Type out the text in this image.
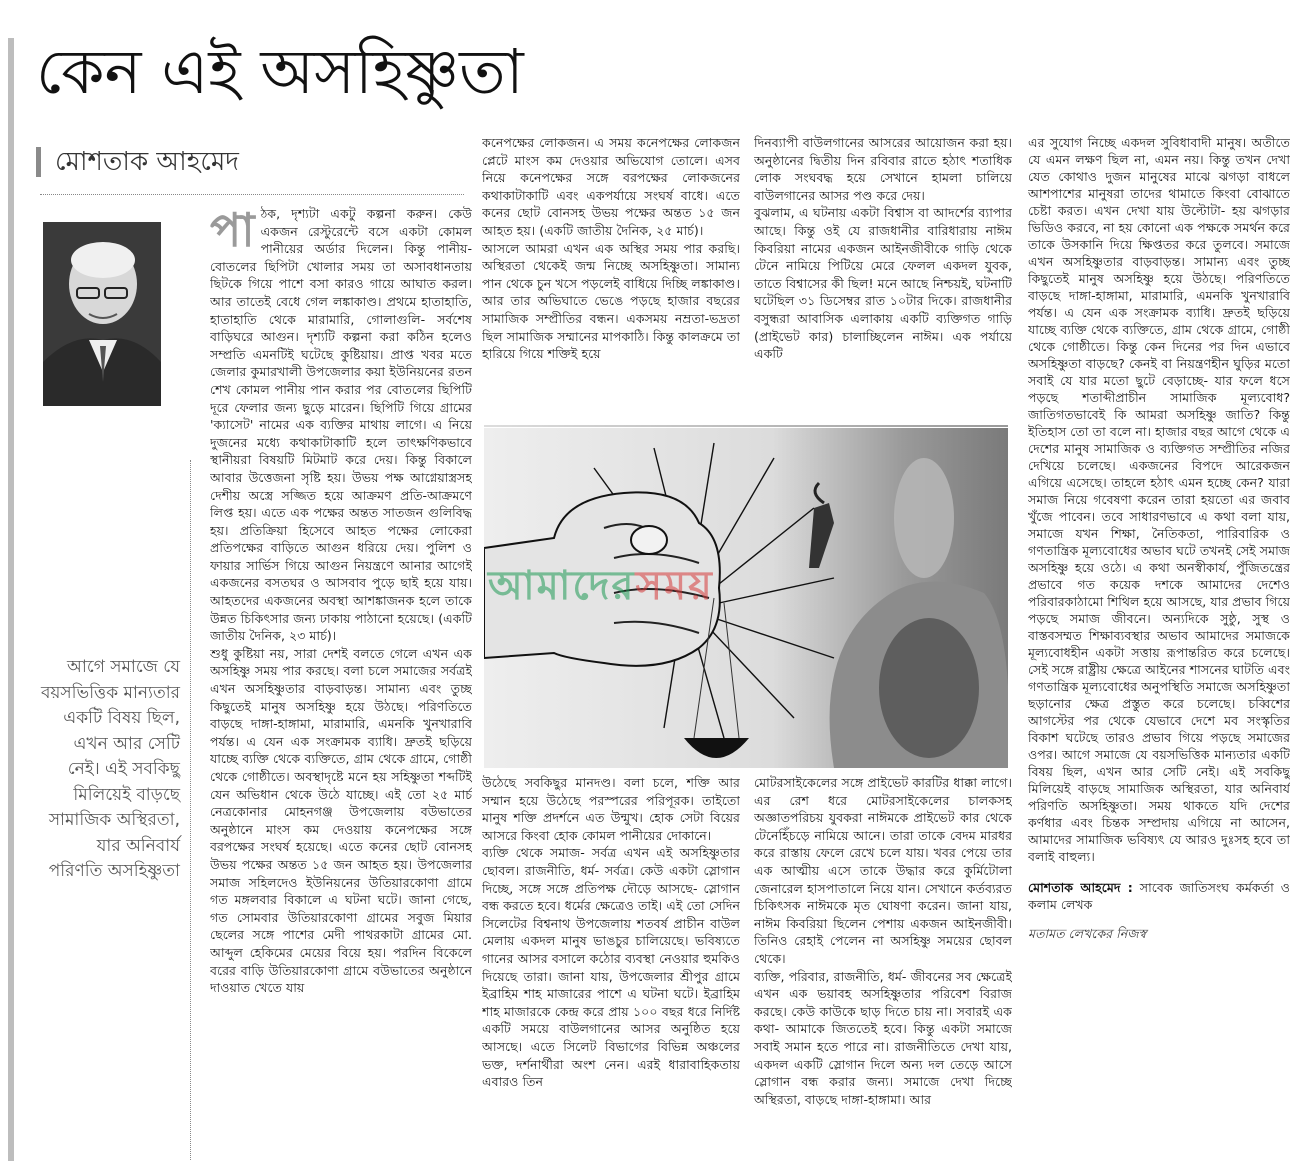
কেন এই অসহিষ্ণুতা
মোশতাক আহমেদ
আগে সমাজে যে বয়সভিত্তিক মান্যতার একটি বিষয় ছিল, এখন আর সেটি নেই। এই সবকিছু মিলিয়েই বাড়ছে সামাজিক অস্থিরতা, যার অনিবার্য পরিণতি অসহিষ্ণুতা
পা ঠক, দৃশ্যটা একটু কল্পনা করুন। কেউ একজন রেস্টুরেন্টে বসে একটা কোমল পানীয়ের অর্ডার দিলেন। কিন্তু পানীয়-বোতলের ছিপিটা খোলার সময় তা অসাবধানতায় ছিটকে গিয়ে পাশে বসা কারও গায়ে আঘাত করল। আর তাতেই বেধে গেল লঙ্কাকাণ্ড। প্রথমে হাতাহাতি, হাতাহাতি থেকে মারামারি, গোলাগুলি- সর্বশেষ বাড়িঘরে আগুন। দৃশ্যটি কল্পনা করা কঠিন হলেও সম্প্রতি এমনটিই ঘটেছে কুষ্টিয়ায়। প্রাপ্ত খবর মতে জেলার কুমারখালী উপজেলার কয়া ইউনিয়নের রতন শেখ কোমল পানীয় পান করার পর বোতলের ছিপিটি দূরে ফেলার জন্য ছুড়ে মারেন। ছিপিটি গিয়ে গ্রামের 'ক্যাসেট' নামের এক ব্যক্তির মাথায় লাগে। এ নিয়ে দুজনের মধ্যে কথাকাটাকাটি হলে তাৎক্ষণিকভাবে স্থানীয়রা বিষয়টি মিটমাট করে দেয়। কিন্তু বিকালে আবার উত্তেজনা সৃষ্টি হয়। উভয় পক্ষ আগ্নেয়াস্ত্রসহ দেশীয় অস্ত্রে সজ্জিত হয়ে আক্রমণ প্রতি-আক্রমণে লিপ্ত হয়। এতে এক পক্ষের অন্তত সাতজন গুলিবিদ্ধ হয়। প্রতিক্রিয়া হিসেবে আহত পক্ষের লোকেরা প্রতিপক্ষের বাড়িতে আগুন ধরিয়ে দেয়। পুলিশ ও ফায়ার সার্ভিস গিয়ে আগুন নিয়ন্ত্রণে আনার আগেই একজনের বসতঘর ও আসবাব পুড়ে ছাই হয়ে যায়। আহতদের একজনের অবস্থা আশঙ্কাজনক হলে তাকে উন্নত চিকিৎসার জন্য ঢাকায় পাঠানো হয়েছে। (একটি জাতীয় দৈনিক, ২৩ মার্চ)।

শুধু কুষ্টিয়া নয়, সারা দেশই বলতে গেলে এখন এক অসহিষ্ণু সময় পার করছে। বলা চলে সমাজের সর্বত্রই এখন অসহিষ্ণুতার বাড়বাড়ন্ত। সামান্য এবং তুচ্ছ কিছুতেই মানুষ অসহিষ্ণু হয়ে উঠছে। পরিণতিতে বাড়ছে দাঙ্গা-হাঙ্গামা, মারামারি, এমনকি খুনখারাবি পর্যন্ত। এ যেন এক সংক্রামক ব্যাধি। দ্রুতই ছড়িয়ে যাচ্ছে ব্যক্তি থেকে ব্যক্তিতে, গ্রাম থেকে গ্রামে, গোষ্ঠী থেকে গোষ্ঠীতে। অবস্থাদৃষ্টে মনে হয় সহিষ্ণুতা শব্দটিই যেন অভিধান থেকে উঠে যাচ্ছে। এই তো ২৫ মার্চ নেত্রকোনার মোহনগঞ্জ উপজেলায় বউভাতের অনুষ্ঠানে মাংস কম দেওয়ায় কনেপক্ষের সঙ্গে বরপক্ষের সংঘর্ষ হয়েছে। এতে কনের ছোট বোনসহ উভয় পক্ষের অন্তত ১৫ জন আহত হয়। উপজেলার সমাজ সহিলদেও ইউনিয়নের উতিয়ারকোণা গ্রামে গত মঙ্গলবার বিকালে এ ঘটনা ঘটে। জানা গেছে, গত সোমবার উতিয়ারকোণা গ্রামের সবুজ মিয়ার ছেলের সঙ্গে পাশের মেদী পাথরকাটা গ্রামের মো. আব্দুল হেকিমের মেয়ের বিয়ে হয়। পরদিন বিকেলে বরের বাড়ি উতিয়ারকোণা গ্রামে বউভাতের অনুষ্ঠানে দাওয়াত খেতে যায়

কনেপক্ষের লোকজন। এ সময় কনেপক্ষের লোকজন প্লেটে মাংস কম দেওয়ার অভিযোগ তোলে। এসব নিয়ে কনেপক্ষের সঙ্গে বরপক্ষের লোকজনের কথাকাটাকাটি এবং একপর্যায়ে সংঘর্ষ বাধে। এতে কনের ছোট বোনসহ উভয় পক্ষের অন্তত ১৫ জন আহত হয়। (একটি জাতীয় দৈনিক, ২৫ মার্চ)।

আসলে আমরা এখন এক অস্থির সময় পার করছি। অস্থিরতা থেকেই জন্ম নিচ্ছে অসহিষ্ণুতা। সামান্য পান থেকে চুন খসে পড়লেই বাধিয়ে দিচ্ছি লঙ্কাকাণ্ড। আর তার অভিঘাতে ভেঙে পড়ছে হাজার বছরের সামাজিক সম্প্রীতির বন্ধন। একসময় নম্রতা-ভদ্রতা ছিল সামাজিক সম্মানের মাপকাঠি। কিন্তু কালক্রমে তা হারিয়ে গিয়ে শক্তিই হয়ে

দিনব্যাপী বাউলগানের আসরের আয়োজন করা হয়। অনুষ্ঠানের দ্বিতীয় দিন রবিবার রাতে হঠাৎ শতাধিক লোক সংঘবদ্ধ হয়ে সেখানে হামলা চালিয়ে বাউলগানের আসর পণ্ড করে দেয়।

বুঝলাম, এ ঘটনায় একটা বিশ্বাস বা আদর্শের ব্যাপার আছে। কিন্তু ওই যে রাজধানীর বারিধারায় নাঈম কিবরিয়া নামের একজন আইনজীবীকে গাড়ি থেকে টেনে নামিয়ে পিটিয়ে মেরে ফেলল একদল যুবক, তাতে বিশ্বাসের কী ছিল! মনে আছে নিশ্চয়ই, ঘটনাটি ঘটেছিল ৩১ ডিসেম্বর রাত ১০টার দিকে। রাজধানীর বসুন্ধরা আবাসিক এলাকায় একটি ব্যক্তিগত গাড়ি (প্রাইভেট কার) চালাচ্ছিলেন নাঈম। এক পর্যায়ে একটি

আমাদেরসময়

উঠেছে সবকিছুর মানদণ্ড। বলা চলে, শক্তি আর সম্মান হয়ে উঠেছে পরস্পরের পরিপূরক। তাইতো মানুষ শক্তি প্রদর্শনে এত উন্মুখ। হোক সেটা বিয়ের আসরে কিংবা হোক কোমল পানীয়ের দোকানে।

ব্যক্তি থেকে সমাজ- সর্বত্র এখন এই অসহিষ্ণুতার ছোবল। রাজনীতি, ধর্ম- সর্বত্র। কেউ একটা স্লোগান দিচ্ছে, সঙ্গে সঙ্গে প্রতিপক্ষ দৌড়ে আসছে- স্লোগান বন্ধ করতে হবে। ধর্মের ক্ষেত্রেও তাই। এই তো সেদিন সিলেটের বিশ্বনাথ উপজেলায় শতবর্ষ প্রাচীন বাউল মেলায় একদল মানুষ ভাঙচুর চালিয়েছে। ভবিষ্যতে গানের আসর বসালে কঠোর ব্যবস্থা নেওয়ার হুমকিও দিয়েছে তারা। জানা যায়, উপজেলার শ্রীপুর গ্রামে ইব্রাহিম শাহ মাজারের পাশে এ ঘটনা ঘটে। ইব্রাহিম শাহ মাজারকে কেন্দ্র করে প্রায় ১০০ বছর ধরে নির্দিষ্ট একটি সময়ে বাউলগানের আসর অনুষ্ঠিত হয়ে আসছে। এতে সিলেট বিভাগের বিভিন্ন অঞ্চলের ভক্ত, দর্শনার্থীরা অংশ নেন। এরই ধারাবাহিকতায় এবারও তিন

মোটরসাইকেলের সঙ্গে প্রাইভেট কারটির ধাক্কা লাগে। এর রেশ ধরে মোটরসাইকেলের চালকসহ অজ্ঞাতপরিচয় যুবকরা নাঈমকে প্রাইভেট কার থেকে টেনেহিঁচড়ে নামিয়ে আনে। তারা তাকে বেদম মারধর করে রাস্তায় ফেলে রেখে চলে যায়। খবর পেয়ে তার এক আত্মীয় এসে তাকে উদ্ধার করে কুর্মিটোলা জেনারেল হাসপাতালে নিয়ে যান। সেখানে কর্তব্যরত চিকিৎসক নাঈমকে মৃত ঘোষণা করেন। জানা যায়, নাঈম কিবরিয়া ছিলেন পেশায় একজন আইনজীবী। তিনিও রেহাই পেলেন না অসহিষ্ণু সময়ের ছোবল থেকে।

ব্যক্তি, পরিবার, রাজনীতি, ধর্ম- জীবনের সব ক্ষেত্রেই এখন এক ভয়াবহ অসহিষ্ণুতার পরিবেশ বিরাজ করছে। কেউ কাউকে ছাড় দিতে চায় না। সবারই এক কথা- আমাকে জিততেই হবে। কিন্তু একটা সমাজে সবাই সমান হতে পারে না। রাজনীতিতে দেখা যায়, একদল একটি স্লোগান দিলে অন্য দল তেড়ে আসে স্লোগান বন্ধ করার জন্য। সমাজে দেখা দিচ্ছে অস্থিরতা, বাড়ছে দাঙ্গা-হাঙ্গামা। আর

এর সুযোগ নিচ্ছে একদল সুবিধাবাদী মানুষ। অতীতে যে এমন লক্ষণ ছিল না, এমন নয়। কিন্তু তখন দেখা যেত কোথাও দুজন মানুষের মাঝে ঝগড়া বাধলে আশপাশের মানুষরা তাদের থামাতে কিংবা বোঝাতে চেষ্টা করত। এখন দেখা যায় উল্টোটা- হয় ঝগড়ার ভিডিও করবে, না হয় কোনো এক পক্ষকে সমর্থন করে তাকে উসকানি দিয়ে ক্ষিপ্ততর করে তুলবে। সমাজে এখন অসহিষ্ণুতার বাড়বাড়ন্ত। সামান্য এবং তুচ্ছ কিছুতেই মানুষ অসহিষ্ণু হয়ে উঠছে। পরিণতিতে বাড়ছে দাঙ্গা-হাঙ্গামা, মারামারি, এমনকি খুনখারাবি পর্যন্ত। এ যেন এক সংক্রামক ব্যাধি। দ্রুতই ছড়িয়ে যাচ্ছে ব্যক্তি থেকে ব্যক্তিতে, গ্রাম থেকে গ্রামে, গোষ্ঠী থেকে গোষ্ঠীতে। কিন্তু কেন দিনের পর দিন এভাবে অসহিষ্ণুতা বাড়ছে? কেনই বা নিয়ন্ত্রণহীন ঘুড়ির মতো সবাই যে যার মতো ছুটে বেড়াচ্ছে- যার ফলে ধসে পড়ছে শতাব্দীপ্রাচীন সামাজিক মূল্যবোধ? জাতিগতভাবেই কি আমরা অসহিষ্ণু জাতি? কিন্তু ইতিহাস তো তা বলে না। হাজার বছর আগে থেকে এ দেশের মানুষ সামাজিক ও ব্যক্তিগত সম্প্রীতির নজির দেখিয়ে চলেছে। একজনের বিপদে আরেকজন এগিয়ে এসেছে। তাহলে হঠাৎ এমন হচ্ছে কেন? যারা সমাজ নিয়ে গবেষণা করেন তারা হয়তো এর জবাব খুঁজে পাবেন। তবে সাধারণভাবে এ কথা বলা যায়, সমাজে যখন শিক্ষা, নৈতিকতা, পারিবারিক ও গণতান্ত্রিক মূল্যবোধের অভাব ঘটে তখনই সেই সমাজ অসহিষ্ণু হয়ে ওঠে। এ কথা অনস্বীকার্য, পুঁজিতন্ত্রের প্রভাবে গত কয়েক দশকে আমাদের দেশেও পরিবারকাঠামো শিথিল হয়ে আসছে, যার প্রভাব গিয়ে পড়ছে সমাজ জীবনে। অন্যদিকে সুষ্ঠু, সুস্থ ও বাস্তবসম্মত শিক্ষাব্যবস্থার অভাব আমাদের সমাজকে মূল্যবোধহীন একটা সত্তায় রূপান্তরিত করে চলেছে। সেই সঙ্গে রাষ্ট্রীয় ক্ষেত্রে আইনের শাসনের ঘাটতি এবং গণতান্ত্রিক মূল্যবোধের অনুপস্থিতি সমাজে অসহিষ্ণুতা ছড়ানোর ক্ষেত্র প্রস্তুত করে চলেছে। চব্বিশের আগস্টের পর থেকে যেভাবে দেশে মব সংস্কৃতির বিকাশ ঘটেছে তারও প্রভাব গিয়ে পড়ছে সমাজের ওপর। আগে সমাজে যে বয়সভিত্তিক মান্যতার একটি বিষয় ছিল, এখন আর সেটি নেই। এই সবকিছু মিলিয়েই বাড়ছে সামাজিক অস্থিরতা, যার অনিবার্য পরিণতি অসহিষ্ণুতা। সময় থাকতে যদি দেশের কর্ণধার এবং চিন্তক সম্প্রদায় এগিয়ে না আসেন, আমাদের সামাজিক ভবিষ্যৎ যে আরও দুঃসহ হবে তা বলাই বাহুল্য।

মোশতাক আহমেদ : সাবেক জাতিসংঘ কর্মকর্তা ও কলাম লেখক
মতামত লেখকের নিজস্ব
